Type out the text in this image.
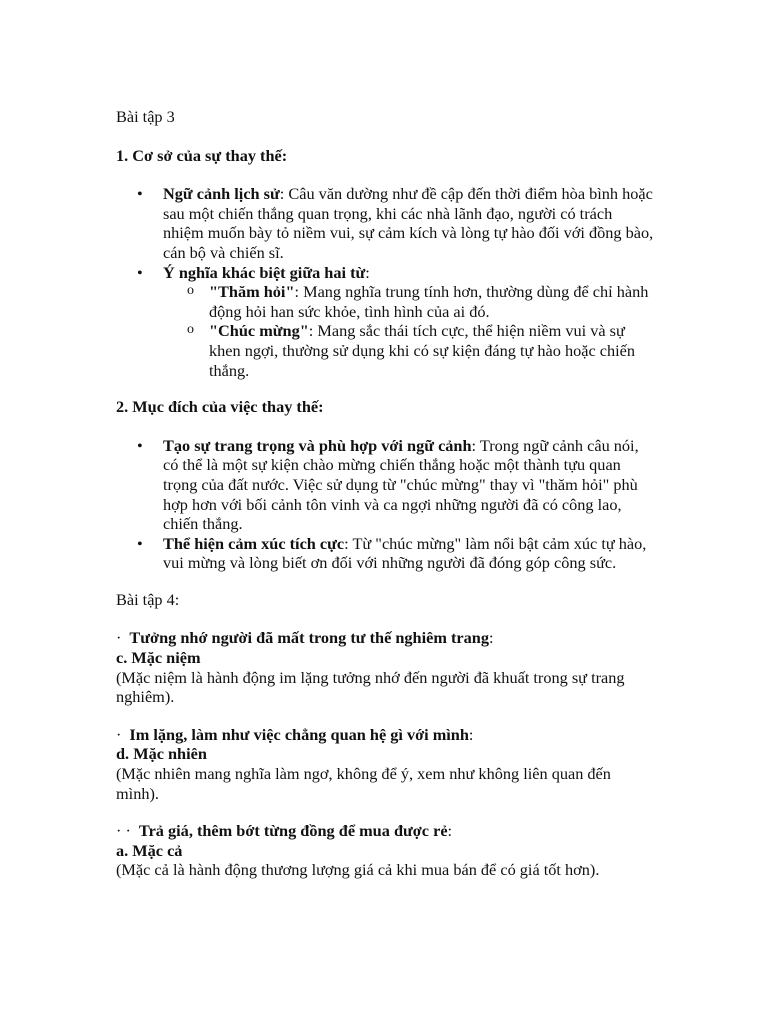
Bài tập 3

1. Cơ sở của sự thay thế:

• Ngữ cảnh lịch sử: Câu văn dường như đề cập đến thời điểm hòa bình hoặc sau một chiến thắng quan trọng, khi các nhà lãnh đạo, người có trách nhiệm muốn bày tỏ niềm vui, sự cảm kích và lòng tự hào đối với đồng bào, cán bộ và chiến sĩ.
• Ý nghĩa khác biệt giữa hai từ:
o "Thăm hỏi": Mang nghĩa trung tính hơn, thường dùng để chỉ hành động hỏi han sức khỏe, tình hình của ai đó.
o "Chúc mừng": Mang sắc thái tích cực, thể hiện niềm vui và sự khen ngợi, thường sử dụng khi có sự kiện đáng tự hào hoặc chiến thắng.

2. Mục đích của việc thay thế:

• Tạo sự trang trọng và phù hợp với ngữ cảnh: Trong ngữ cảnh câu nói, có thể là một sự kiện chào mừng chiến thắng hoặc một thành tựu quan trọng của đất nước. Việc sử dụng từ "chúc mừng" thay vì "thăm hỏi" phù hợp hơn với bối cảnh tôn vinh và ca ngợi những người đã có công lao, chiến thắng.
• Thể hiện cảm xúc tích cực: Từ "chúc mừng" làm nổi bật cảm xúc tự hào, vui mừng và lòng biết ơn đối với những người đã đóng góp công sức.

Bài tập 4:

· Tưởng nhớ người đã mất trong tư thế nghiêm trang:

c. Mặc niệm

(Mặc niệm là hành động im lặng tưởng nhớ đến người đã khuất trong sự trang nghiêm).

· Im lặng, làm như việc chẳng quan hệ gì với mình:

d. Mặc nhiên

(Mặc nhiên mang nghĩa làm ngơ, không để ý, xem như không liên quan đến mình).

· · Trả giá, thêm bớt từng đồng để mua được rẻ:

a. Mặc cả

(Mặc cả là hành động thương lượng giá cả khi mua bán để có giá tốt hơn).
